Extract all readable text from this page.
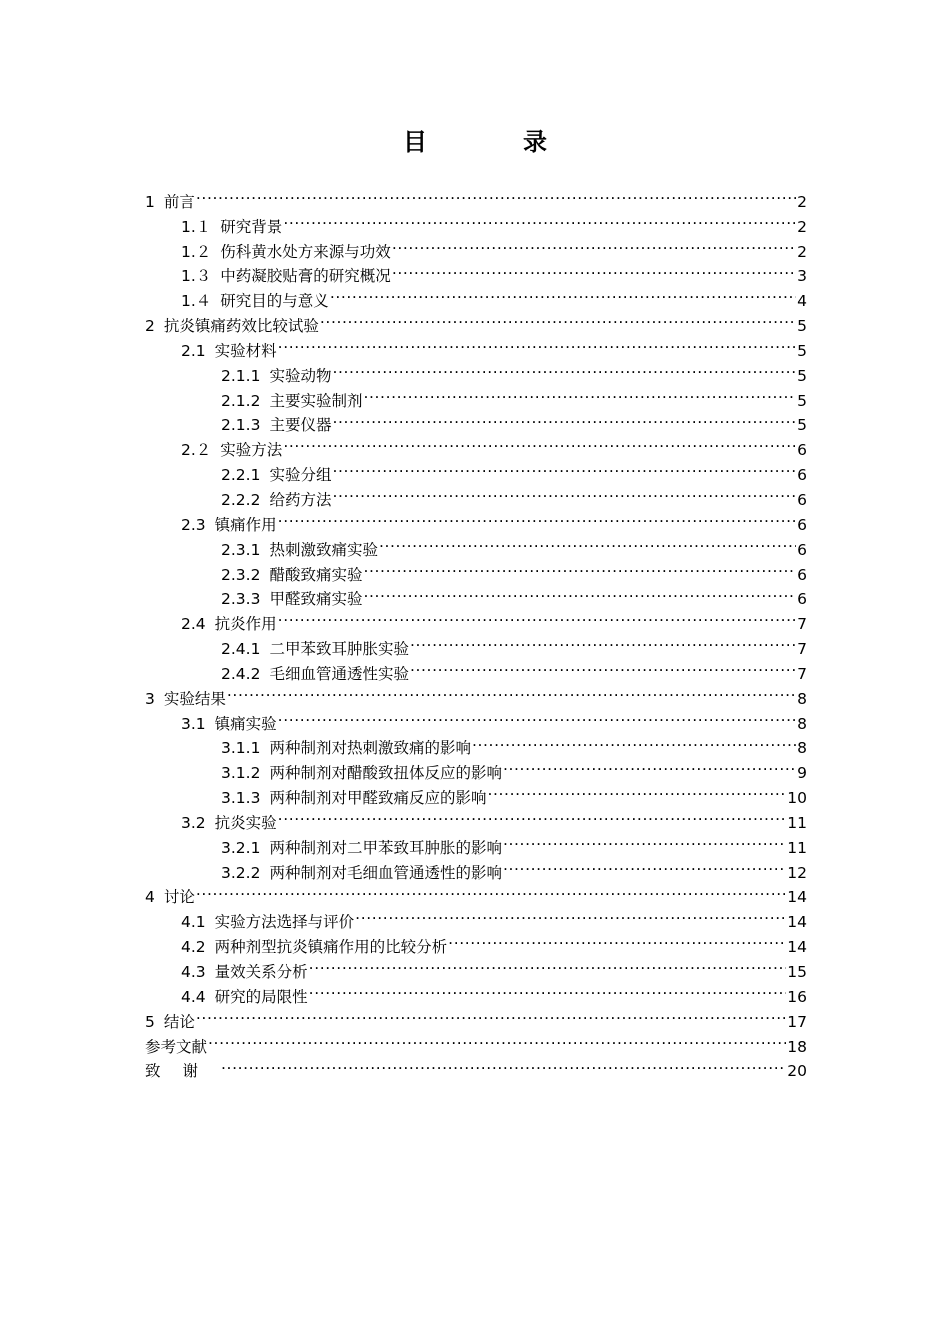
目　录
1 前言 .....	2
1.１ 研究背景 .....	2
1.２ 伤科黄水处方来源与功效 .....	2
1.３ 中药凝胶贴膏的研究概况 .....	3
1.４ 研究目的与意义 .....	4
2 抗炎镇痛药效比较试验 .....	5
2.1 实验材料 .....	5
2.1.1 实验动物 .....	5
2.1.2 主要实验制剂 .....	5
2.1.3 主要仪器 .....	5
2.２ 实验方法 .....	6
2.2.1 实验分组 .....	6
2.2.2 给药方法 .....	6
2.3 镇痛作用 .....	6
2.3.1 热刺激致痛实验 .....	6
2.3.2 醋酸致痛实验 .....	6
2.3.3 甲醛致痛实验 .....	6
2.4 抗炎作用 .....	7
2.4.1 二甲苯致耳肿胀实验 .....	7
2.4.2 毛细血管通透性实验 .....	7
3 实验结果 .....	8
3.1 镇痛实验 .....	8
3.1.1 两种制剂对热刺激致痛的影响 .....	8
3.1.2 两种制剂对醋酸致扭体反应的影响 .....	9
3.1.3 两种制剂对甲醛致痛反应的影响 .....	10
3.2 抗炎实验 .....	11
3.2.1 两种制剂对二甲苯致耳肿胀的影响 .....	11
3.2.2 两种制剂对毛细血管通透性的影响 .....	12
4 讨论 .....	14
4.1 实验方法选择与评价 .....	14
4.2 两种剂型抗炎镇痛作用的比较分析 .....	14
4.3 量效关系分析 .....	15
4.4 研究的局限性 .....	16
5 结论 .....	17
参考文献 .....	18
致谢 .....	20
